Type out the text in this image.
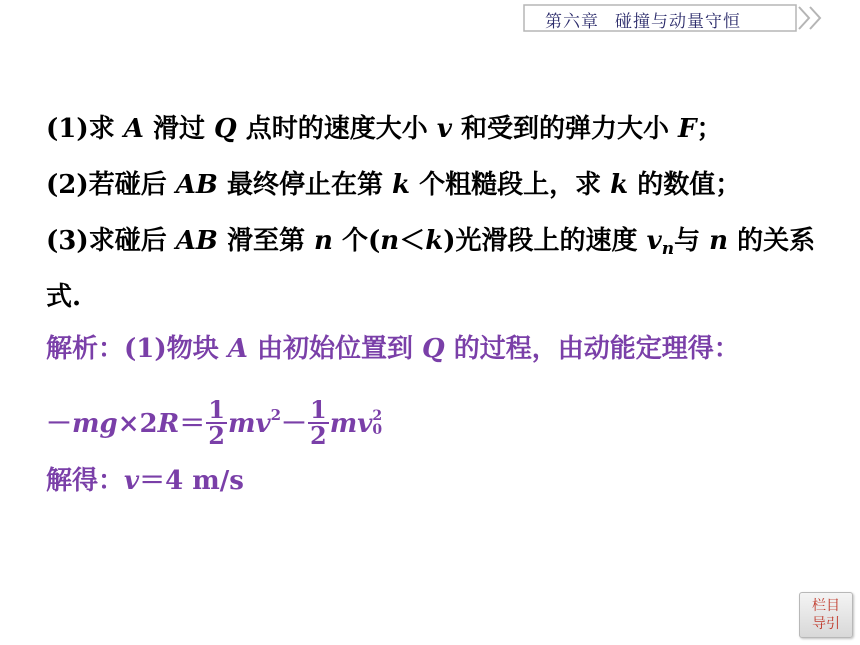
第六章 碰撞与动量守恒
(1)求 A 滑过 Q 点时的速度大小 v 和受到的弹力大小 F；
(2)若碰后 AB 最终停止在第 k 个粗糙段上，求 k 的数值；
(3)求碰后 AB 滑至第 n 个(n＜k)光滑段上的速度 $v_n$与 n 的关系
式.
解析：(1)物块 A 由初始位置到 Q 的过程，由动能定理得：
$-mg\times 2R= \frac{1}{2} mv^2- \frac{1}{2}$ mv 2
0
解得：v＝4 m/s
栏目
导引
